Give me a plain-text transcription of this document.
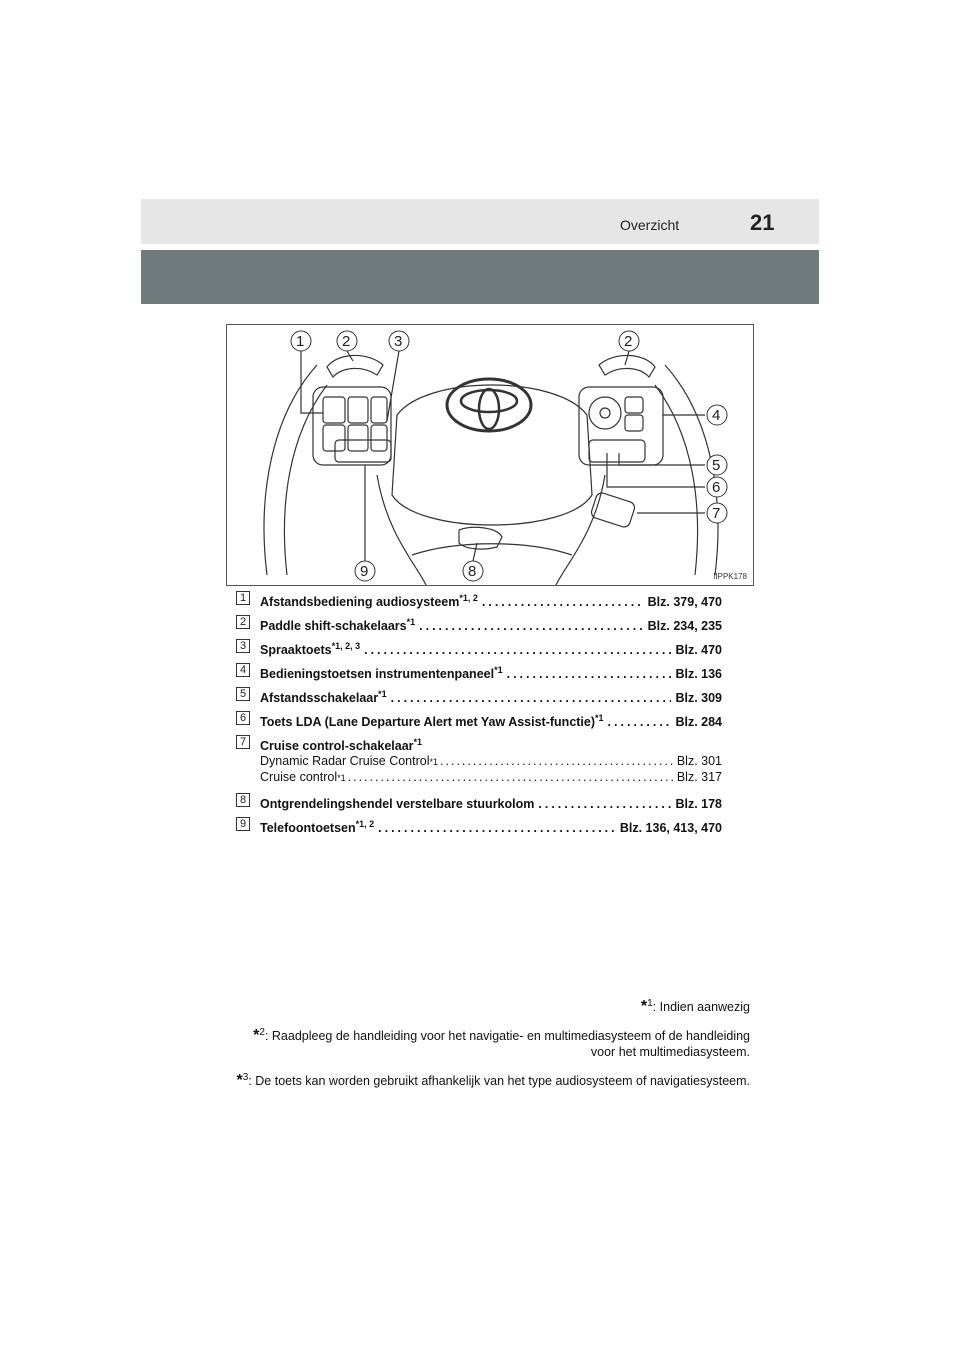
Overzicht	21
1	2	3	2
4
5
6
7
9	8	IIPPK178
1	Afstandsbediening audiosysteem$^{*1, 2}$ .....	Blz. 379, 470
2	Paddle shift-schakelaars$^{*1}$ .....	Blz. 234, 235
3	Spraaktoets$^{*1, 2, 3}$ .....	Blz. 470
4	Bedieningstoetsen instrumentenpaneel$^{*1}$ .....	Blz. 136
5	Afstandsschakelaar$^{*1}$ .....	Blz. 309
6	Toets LDA (Lane Departure Alert met Yaw Assist-functie)$^{*1}$ .....	Blz. 284
7	Cruise control-schakelaar$^{*1}$
Dynamic Radar Cruise Control *1 .....	Blz. 301
Cruise control *1 .....	Blz. 317
8	Ontgrendelingshendel verstelbare stuurkolom .....	Blz. 178
9	Telefoontoetsen$^{*1, 2}$ .....	Blz. 136, 413, 470
*$^1$: Indien aanwezig
*$^2$: Raadpleeg de handleiding voor het navigatie- en multimediasysteem of de handleiding voor het multimediasysteem.
*$^3$: De toets kan worden gebruikt afhankelijk van het type audiosysteem of navigatiesysteem.
